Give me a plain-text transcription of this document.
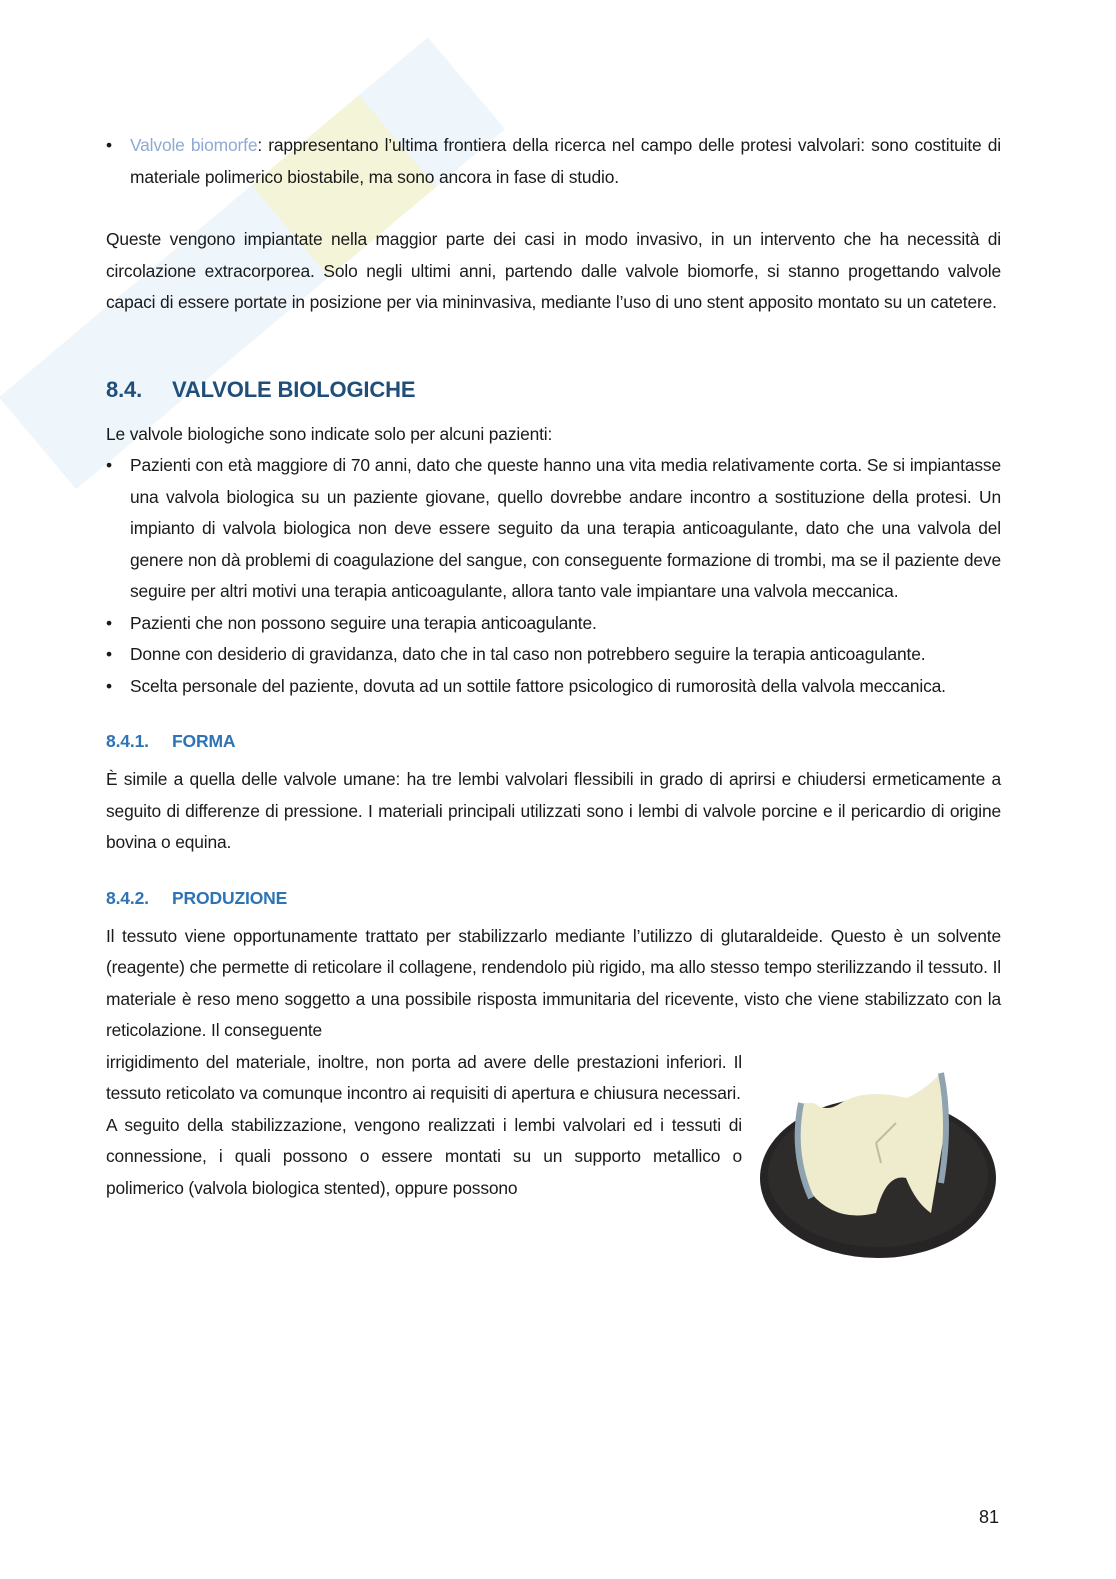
• Valvole biomorfe: rappresentano l’ultima frontiera della ricerca nel campo delle protesi valvolari: sono costituite di materiale polimerico biostabile, ma sono ancora in fase di studio.

Queste vengono impiantate nella maggior parte dei casi in modo invasivo, in un intervento che ha necessità di circolazione extracorporea. Solo negli ultimi anni, partendo dalle valvole biomorfe, si stanno progettando valvole capaci di essere portate in posizione per via mininvasiva, mediante l’uso di uno stent apposito montato su un catetere.

8.4. VALVOLE BIOLOGICHE

Le valvole biologiche sono indicate solo per alcuni pazienti:

• Pazienti con età maggiore di 70 anni, dato che queste hanno una vita media relativamente corta. Se si impiantasse una valvola biologica su un paziente giovane, quello dovrebbe andare incontro a sostituzione della protesi. Un impianto di valvola biologica non deve essere seguito da una terapia anticoagulante, dato che una valvola del genere non dà problemi di coagulazione del sangue, con conseguente formazione di trombi, ma se il paziente deve seguire per altri motivi una terapia anticoagulante, allora tanto vale impiantare una valvola meccanica.
• Pazienti che non possono seguire una terapia anticoagulante.
• Donne con desiderio di gravidanza, dato che in tal caso non potrebbero seguire la terapia anticoagulante.
• Scelta personale del paziente, dovuta ad un sottile fattore psicologico di rumorosità della valvola meccanica.
8.4.1. FORMA

È simile a quella delle valvole umane: ha tre lembi valvolari flessibili in grado di aprirsi e chiudersi ermeticamente a seguito di differenze di pressione. I materiali principali utilizzati sono i lembi di valvole porcine e il pericardio di origine bovina o equina.

8.4.2. PRODUZIONE

Il tessuto viene opportunamente trattato per stabilizzarlo mediante l’utilizzo di glutaraldeide. Questo è un solvente (reagente) che permette di reticolare il collagene, rendendolo più rigido, ma allo stesso tempo sterilizzando il tessuto. Il materiale è reso meno soggetto a una possibile risposta immunitaria del ricevente, visto che viene stabilizzato con la reticolazione. Il conseguente

irrigidimento del materiale, inoltre, non porta ad avere delle prestazioni inferiori. Il tessuto reticolato va comunque incontro ai requisiti di apertura e chiusura necessari.

A seguito della stabilizzazione, vengono realizzati i lembi valvolari ed i tessuti di connessione, i quali possono o essere montati su un supporto metallico o polimerico (valvola biologica stented), oppure possono

81
